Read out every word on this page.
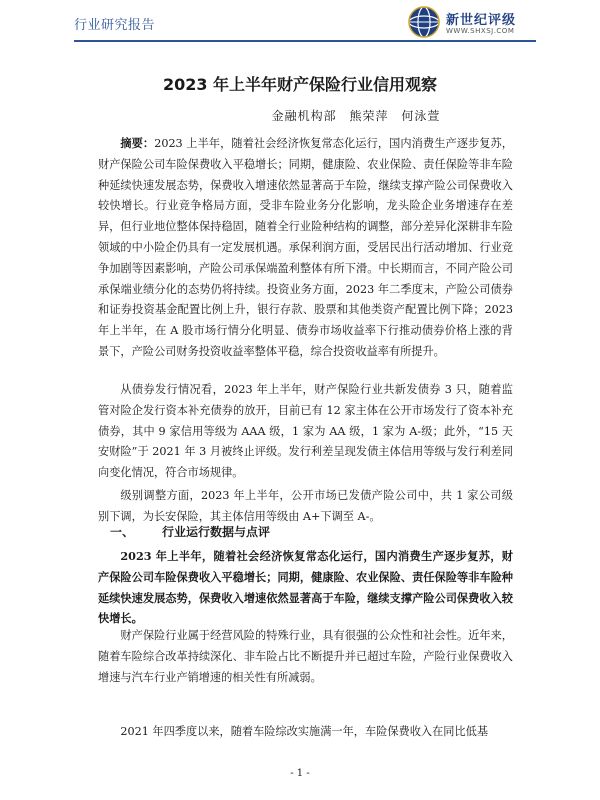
行业研究报告	新世纪评级
WWW.SHXSJ.COM
2023 年上半年财产保险行业信用观察
金融机构部 熊荣萍 何泳萱

摘要：2023 上半年，随着社会经济恢复常态化运行，国内消费生产逐步复苏，财产保险公司车险保费收入平稳增长；同期，健康险、农业保险、责任保险等非车险种延续快速发展态势，保费收入增速依然显著高于车险，继续支撑产险公司保费收入较快增长。行业竞争格局方面，受非车险业务分化影响，龙头险企业务增速存在差异，但行业地位整体保持稳固，随着全行业险种结构的调整，部分差异化深耕非车险领域的中小险企仍具有一定发展机遇。承保利润方面，受居民出行活动增加、行业竞争加剧等因素影响，产险公司承保端盈利整体有所下滑。中长期而言，不同产险公司承保端业绩分化的态势仍将持续。投资业务方面，2023 年二季度末，产险公司债券和证券投资基金配置比例上升，银行存款、股票和其他类资产配置比例下降；2023 年上半年，在 A 股市场行情分化明显、债券市场收益率下行推动债券价格上涨的背景下，产险公司财务投资收益率整体平稳，综合投资收益率有所提升。

从债券发行情况看，2023 年上半年，财产保险行业共新发债券 3 只，随着监管对险企发行资本补充债券的放开，目前已有 12 家主体在公开市场发行了资本补充债券，其中 9 家信用等级为 AAA 级，1 家为 AA 级，1 家为 A-级；此外，“15 天安财险”于 2021 年 3 月被终止评级。发行利差呈现发债主体信用等级与发行利差同向变化情况，符合市场规律。

级别调整方面，2023 年上半年，公开市场已发债产险公司中，共 1 家公司级别下调，为长安保险，其主体信用等级由 A+下调至 A-。

一、 行业运行数据与点评

2023 年上半年，随着社会经济恢复常态化运行，国内消费生产逐步复苏，财产保险公司车险保费收入平稳增长；同期，健康险、农业保险、责任保险等非车险种延续快速发展态势，保费收入增速依然显著高于车险，继续支撑产险公司保费收入较快增长。

财产保险行业属于经营风险的特殊行业，具有很强的公众性和社会性。近年来，随着车险综合改革持续深化、非车险占比不断提升并已超过车险，产险行业保费收入增速与汽车行业产销增速的相关性有所减弱。

2021 年四季度以来，随着车险综改实施满一年，车险保费收入在同比低基

- 1 -
